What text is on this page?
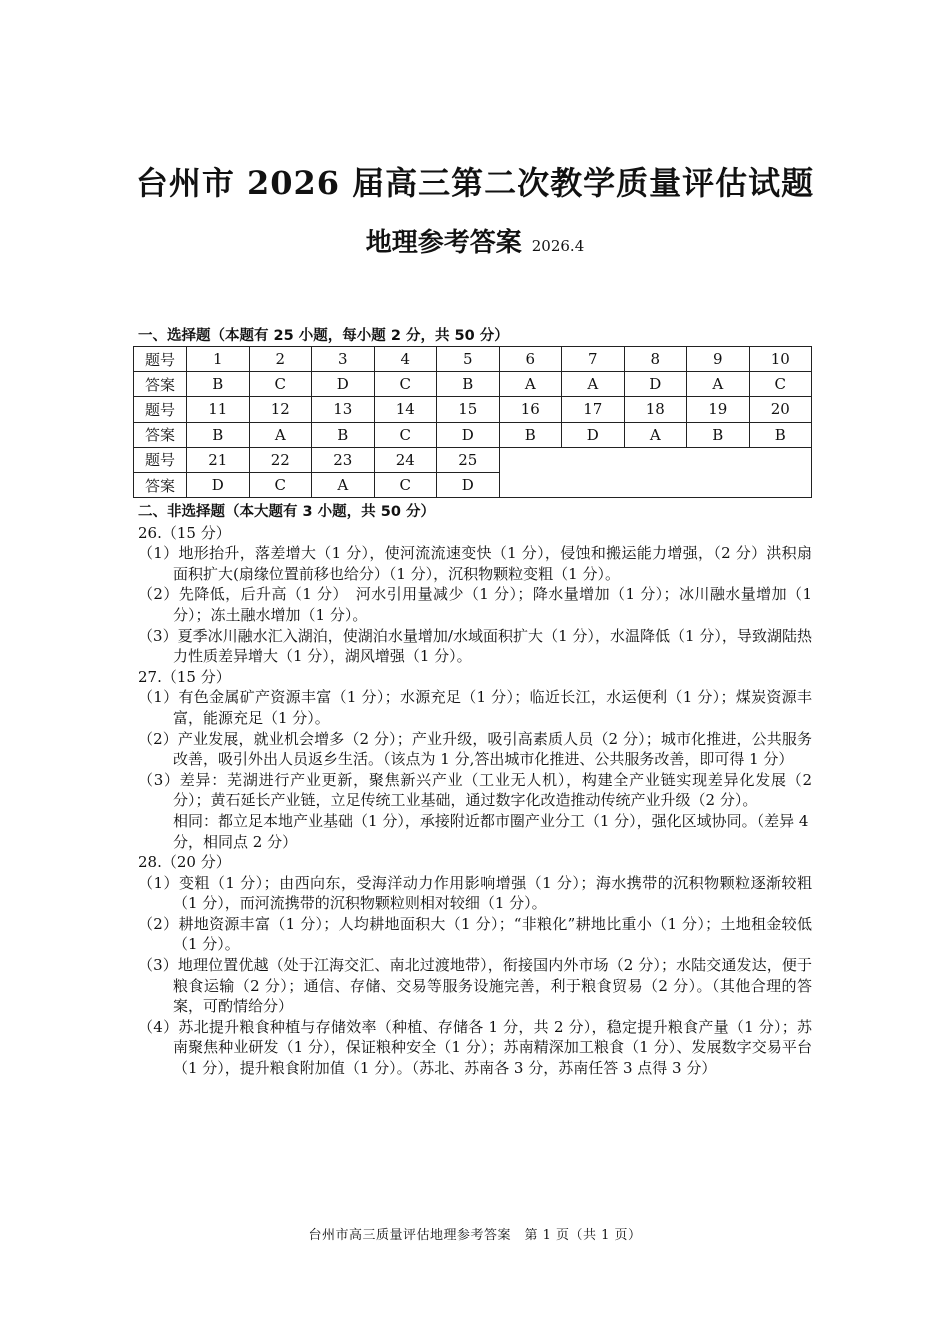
台州市 2026 届高三第二次教学质量评估试题
地理参考答案 2026.4
一、选择题（本题有 25 小题，每小题 2 分，共 50 分）
题号	1	2	3	4	5	6	7	8	9	10
答案	B	C	D	C	B	A	A	D	A	C
题号	11	12	13	14	15	16	17	18	19	20
答案	B	A	B	C	D	B	D	A	B	B
题号	21	22	23	24	25					
答案	D	C	A	C	D					

二、非选择题（本大题有 3 小题，共 50 分）

26.（15 分）

（1）地形抬升，落差增大（1 分），使河流流速变快（1 分），侵蚀和搬运能力增强，（2 分）洪积扇面积扩大(扇缘位置前移也给分）（1 分），沉积物颗粒变粗（1 分）。

（2）先降低，后升高（1 分）　河水引用量减少（1 分）；降水量增加（1 分）；冰川融水量增加（1 分）；冻土融水增加（1 分）。

（3）夏季冰川融水汇入湖泊，使湖泊水量增加/水域面积扩大（1 分），水温降低（1 分），导致湖陆热力性质差异增大（1 分），湖风增强（1 分）。

27.（15 分）

（1）有色金属矿产资源丰富（1 分）；水源充足（1 分）；临近长江，水运便利（1 分）；煤炭资源丰富，能源充足（1 分）。

（2）产业发展，就业机会增多（2 分）；产业升级，吸引高素质人员（2 分）；城市化推进，公共服务改善，吸引外出人员返乡生活。（该点为 1 分,答出城市化推进、公共服务改善，即可得 1 分）

（3）差异：芜湖进行产业更新，聚焦新兴产业（工业无人机），构建全产业链实现差异化发展（2 分）；黄石延长产业链，立足传统工业基础，通过数字化改造推动传统产业升级（2 分）。

相同：都立足本地产业基础（1 分），承接附近都市圈产业分工（1 分），强化区域协同。（差异 4 分，相同点 2 分）

28.（20 分）

（1）变粗（1 分）；由西向东，受海洋动力作用影响增强（1 分）；海水携带的沉积物颗粒逐渐较粗（1 分），而河流携带的沉积物颗粒则相对较细（1 分）。

（2）耕地资源丰富（1 分）；人均耕地面积大（1 分）；“非粮化”耕地比重小（1 分）；土地租金较低（1 分）。

（3）地理位置优越（处于江海交汇、南北过渡地带），衔接国内外市场（2 分）；水陆交通发达，便于粮食运输（2 分）；通信、存储、交易等服务设施完善，利于粮食贸易（2 分）。（其他合理的答案，可酌情给分）

（4）苏北提升粮食种植与存储效率（种植、存储各 1 分，共 2 分），稳定提升粮食产量（1 分）；苏南聚焦种业研发（1 分），保证粮种安全（1 分）；苏南精深加工粮食（1 分）、发展数字交易平台（1 分），提升粮食附加值（1 分）。（苏北、苏南各 3 分，苏南任答 3 点得 3 分）

台州市高三质量评估地理参考答案　第 1 页（共 1 页）
